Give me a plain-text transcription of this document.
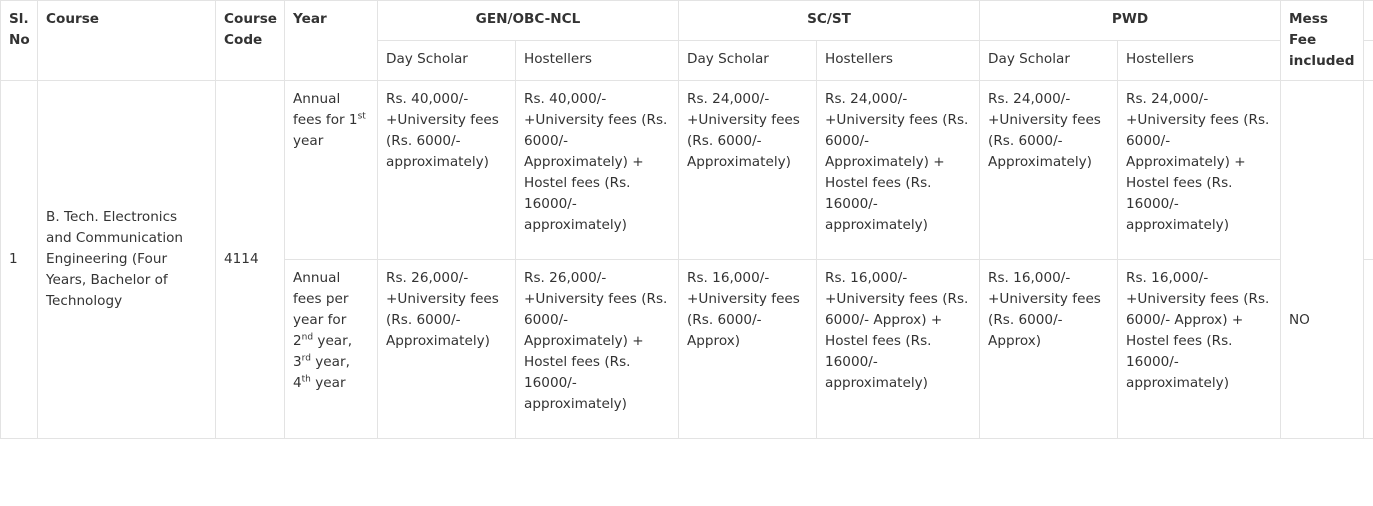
Sl. No	Course	Course Code	Year	GEN/OBC-NCL		SC/ST		PWD		Mess Fee included	
				Day Scholar	Hostellers	Day Scholar	Hostellers	Day Scholar	Hostellers		
1	B. Tech. Electronics and Communication Engineering (Four Years, Bachelor of Technology	4114	Annual fees for 1st year	Rs. 40,000/- +University fees (Rs. 6000/- approximately)	Rs. 40,000/- +University fees (Rs. 6000/- Approximately) + Hostel fees (Rs. 16000/- approximately)	Rs. 24,000/- +University fees (Rs. 6000/- Approximately)	Rs. 24,000/- +University fees (Rs. 6000/- Approximately) + Hostel fees (Rs. 16000/- approximately)	Rs. 24,000/- +University fees (Rs. 6000/- Approximately)	Rs. 24,000/- +University fees (Rs. 6000/- Approximately) + Hostel fees (Rs. 16000/- approximately)	NO	
			Annual fees per year for 2nd year, 3rd year, 4th year	Rs. 26,000/- +University fees (Rs. 6000/- Approximately)	Rs. 26,000/- +University fees (Rs. 6000/- Approximately) + Hostel fees (Rs. 16000/- approximately)	Rs. 16,000/- +University fees (Rs. 6000/- Approx)	Rs. 16,000/- +University fees (Rs. 6000/- Approx) + Hostel fees (Rs. 16000/- approximately)	Rs. 16,000/- +University fees (Rs. 6000/- Approx)	Rs. 16,000/- +University fees (Rs. 6000/- Approx) + Hostel fees (Rs. 16000/- approximately)		
